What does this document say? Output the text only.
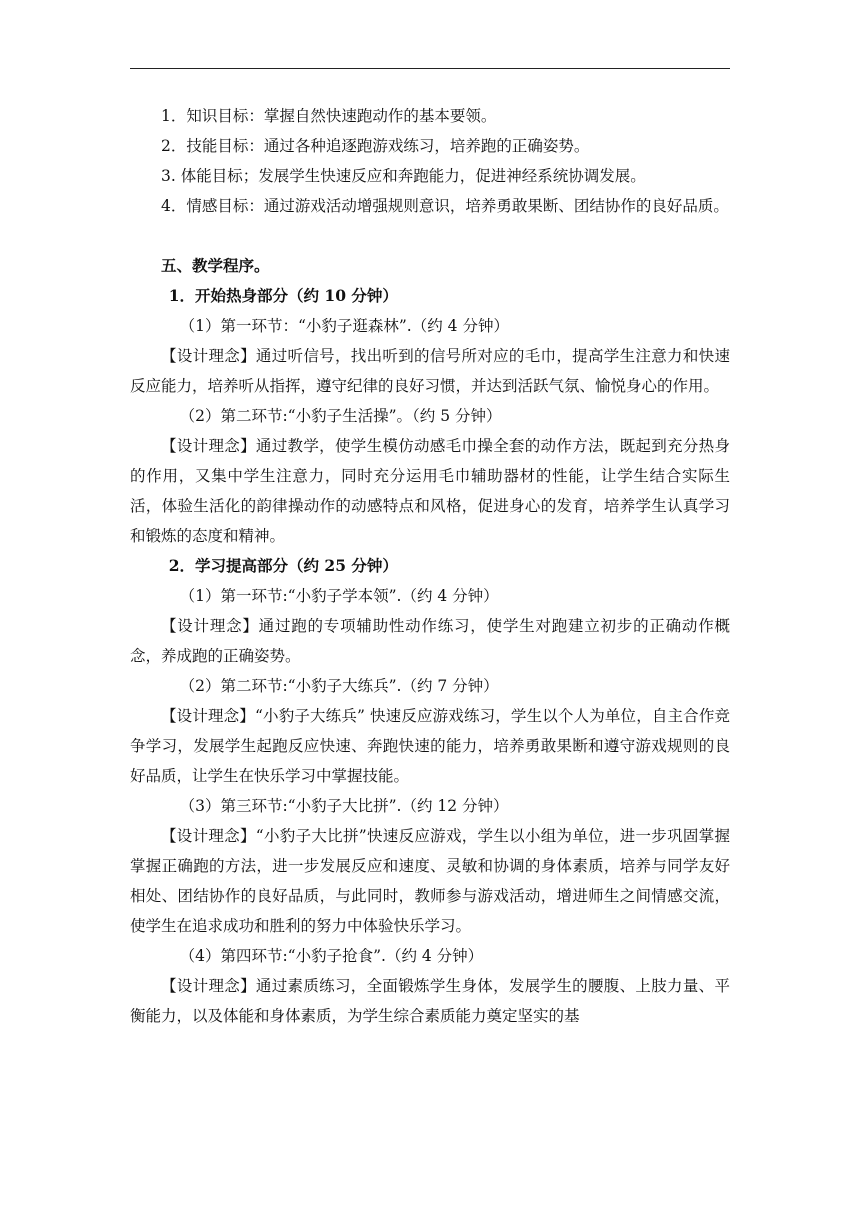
1．知识目标：掌握自然快速跑动作的基本要领。

2．技能目标：通过各种追逐跑游戏练习，培养跑的正确姿势。

3. 体能目标；发展学生快速反应和奔跑能力，促进神经系统协调发展。

4．情感目标：通过游戏活动增强规则意识，培养勇敢果断、团结协作的良好品质。

五、教学程序。

1．开始热身部分（约 10 分钟）

（1）第一环节：“小豹子逛森林”.（约 4 分钟）

【设计理念】通过听信号，找出听到的信号所对应的毛巾，提高学生注意力和快速反应能力，培养听从指挥，遵守纪律的良好习惯，并达到活跃气氛、愉悦身心的作用。

（2）第二环节:“小豹子生活操”。（约 5 分钟）

【设计理念】通过教学，使学生模仿动感毛巾操全套的动作方法，既起到充分热身的作用，又集中学生注意力，同时充分运用毛巾辅助器材的性能，让学生结合实际生活，体验生活化的韵律操动作的动感特点和风格，促进身心的发育，培养学生认真学习和锻炼的态度和精神。

2．学习提高部分（约 25 分钟）

（1）第一环节:“小豹子学本领”.（约 4 分钟）

【设计理念】通过跑的专项辅助性动作练习，使学生对跑建立初步的正确动作概念，养成跑的正确姿势。

（2）第二环节:“小豹子大练兵”.（约 7 分钟）

【设计理念】“小豹子大练兵” 快速反应游戏练习，学生以个人为单位，自主合作竞争学习，发展学生起跑反应快速、奔跑快速的能力，培养勇敢果断和遵守游戏规则的良好品质，让学生在快乐学习中掌握技能。

（3）第三环节:“小豹子大比拼”.（约 12 分钟）

【设计理念】“小豹子大比拼”快速反应游戏，学生以小组为单位，进一步巩固掌握掌握正确跑的方法，进一步发展反应和速度、灵敏和协调的身体素质，培养与同学友好相处、团结协作的良好品质，与此同时，教师参与游戏活动，增进师生之间情感交流，使学生在追求成功和胜利的努力中体验快乐学习。

（4）第四环节:“小豹子抢食”.（约 4 分钟）

【设计理念】通过素质练习，全面锻炼学生身体，发展学生的腰腹、上肢力量、平衡能力，以及体能和身体素质，为学生综合素质能力奠定坚实的基
